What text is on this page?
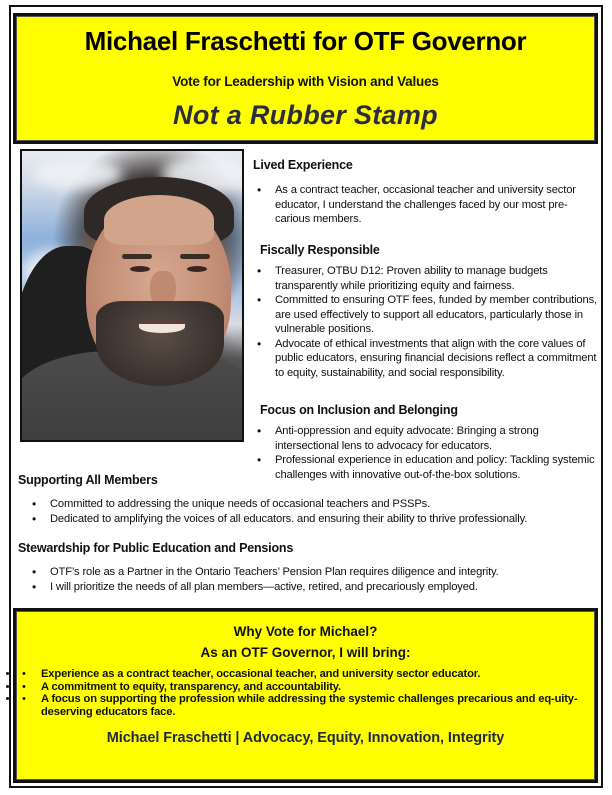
Michael Fraschetti for OTF Governor
Vote for Leadership with Vision and Values
Not a Rubber Stamp
Lived Experience
• As a contract teacher, occasional teacher and university sector educator, I understand the challenges faced by our most pre-carious members.
Fiscally Responsible
• Treasurer, OTBU D12: Proven ability to manage budgets transparently while prioritizing equity and fairness.
• Committed to ensuring OTF fees, funded by member contributions, are used effectively to support all educators, particularly those in vulnerable positions.
• Advocate of ethical investments that align with the core values of public educators, ensuring financial decisions reflect a commitment to equity, sustainability, and social responsibility.
Focus on Inclusion and Belonging
• Anti-oppression and equity advocate: Bringing a strong intersectional lens to advocacy for educators.
• Professional experience in education and policy: Tackling systemic challenges with innovative out-of-the-box solutions.
Supporting All Members
• Committed to addressing the unique needs of occasional teachers and PSSPs.
• Dedicated to amplifying the voices of all educators. and ensuring their ability to thrive professionally.
Stewardship for Public Education and Pensions
• OTF’s role as a Partner in the Ontario Teachers’ Pension Plan requires diligence and integrity.
• I will prioritize the needs of all plan members—active, retired, and precariously employed.
Why Vote for Michael?
As an OTF Governor, I will bring:
• • Experience as a contract teacher, occasional teacher, and university sector educator.
• • A commitment to equity, transparency, and accountability.
• • A focus on supporting the profession while addressing the systemic challenges precarious and eq-uity-deserving educators face.
Michael Fraschetti | Advocacy, Equity, Innovation, Integrity
